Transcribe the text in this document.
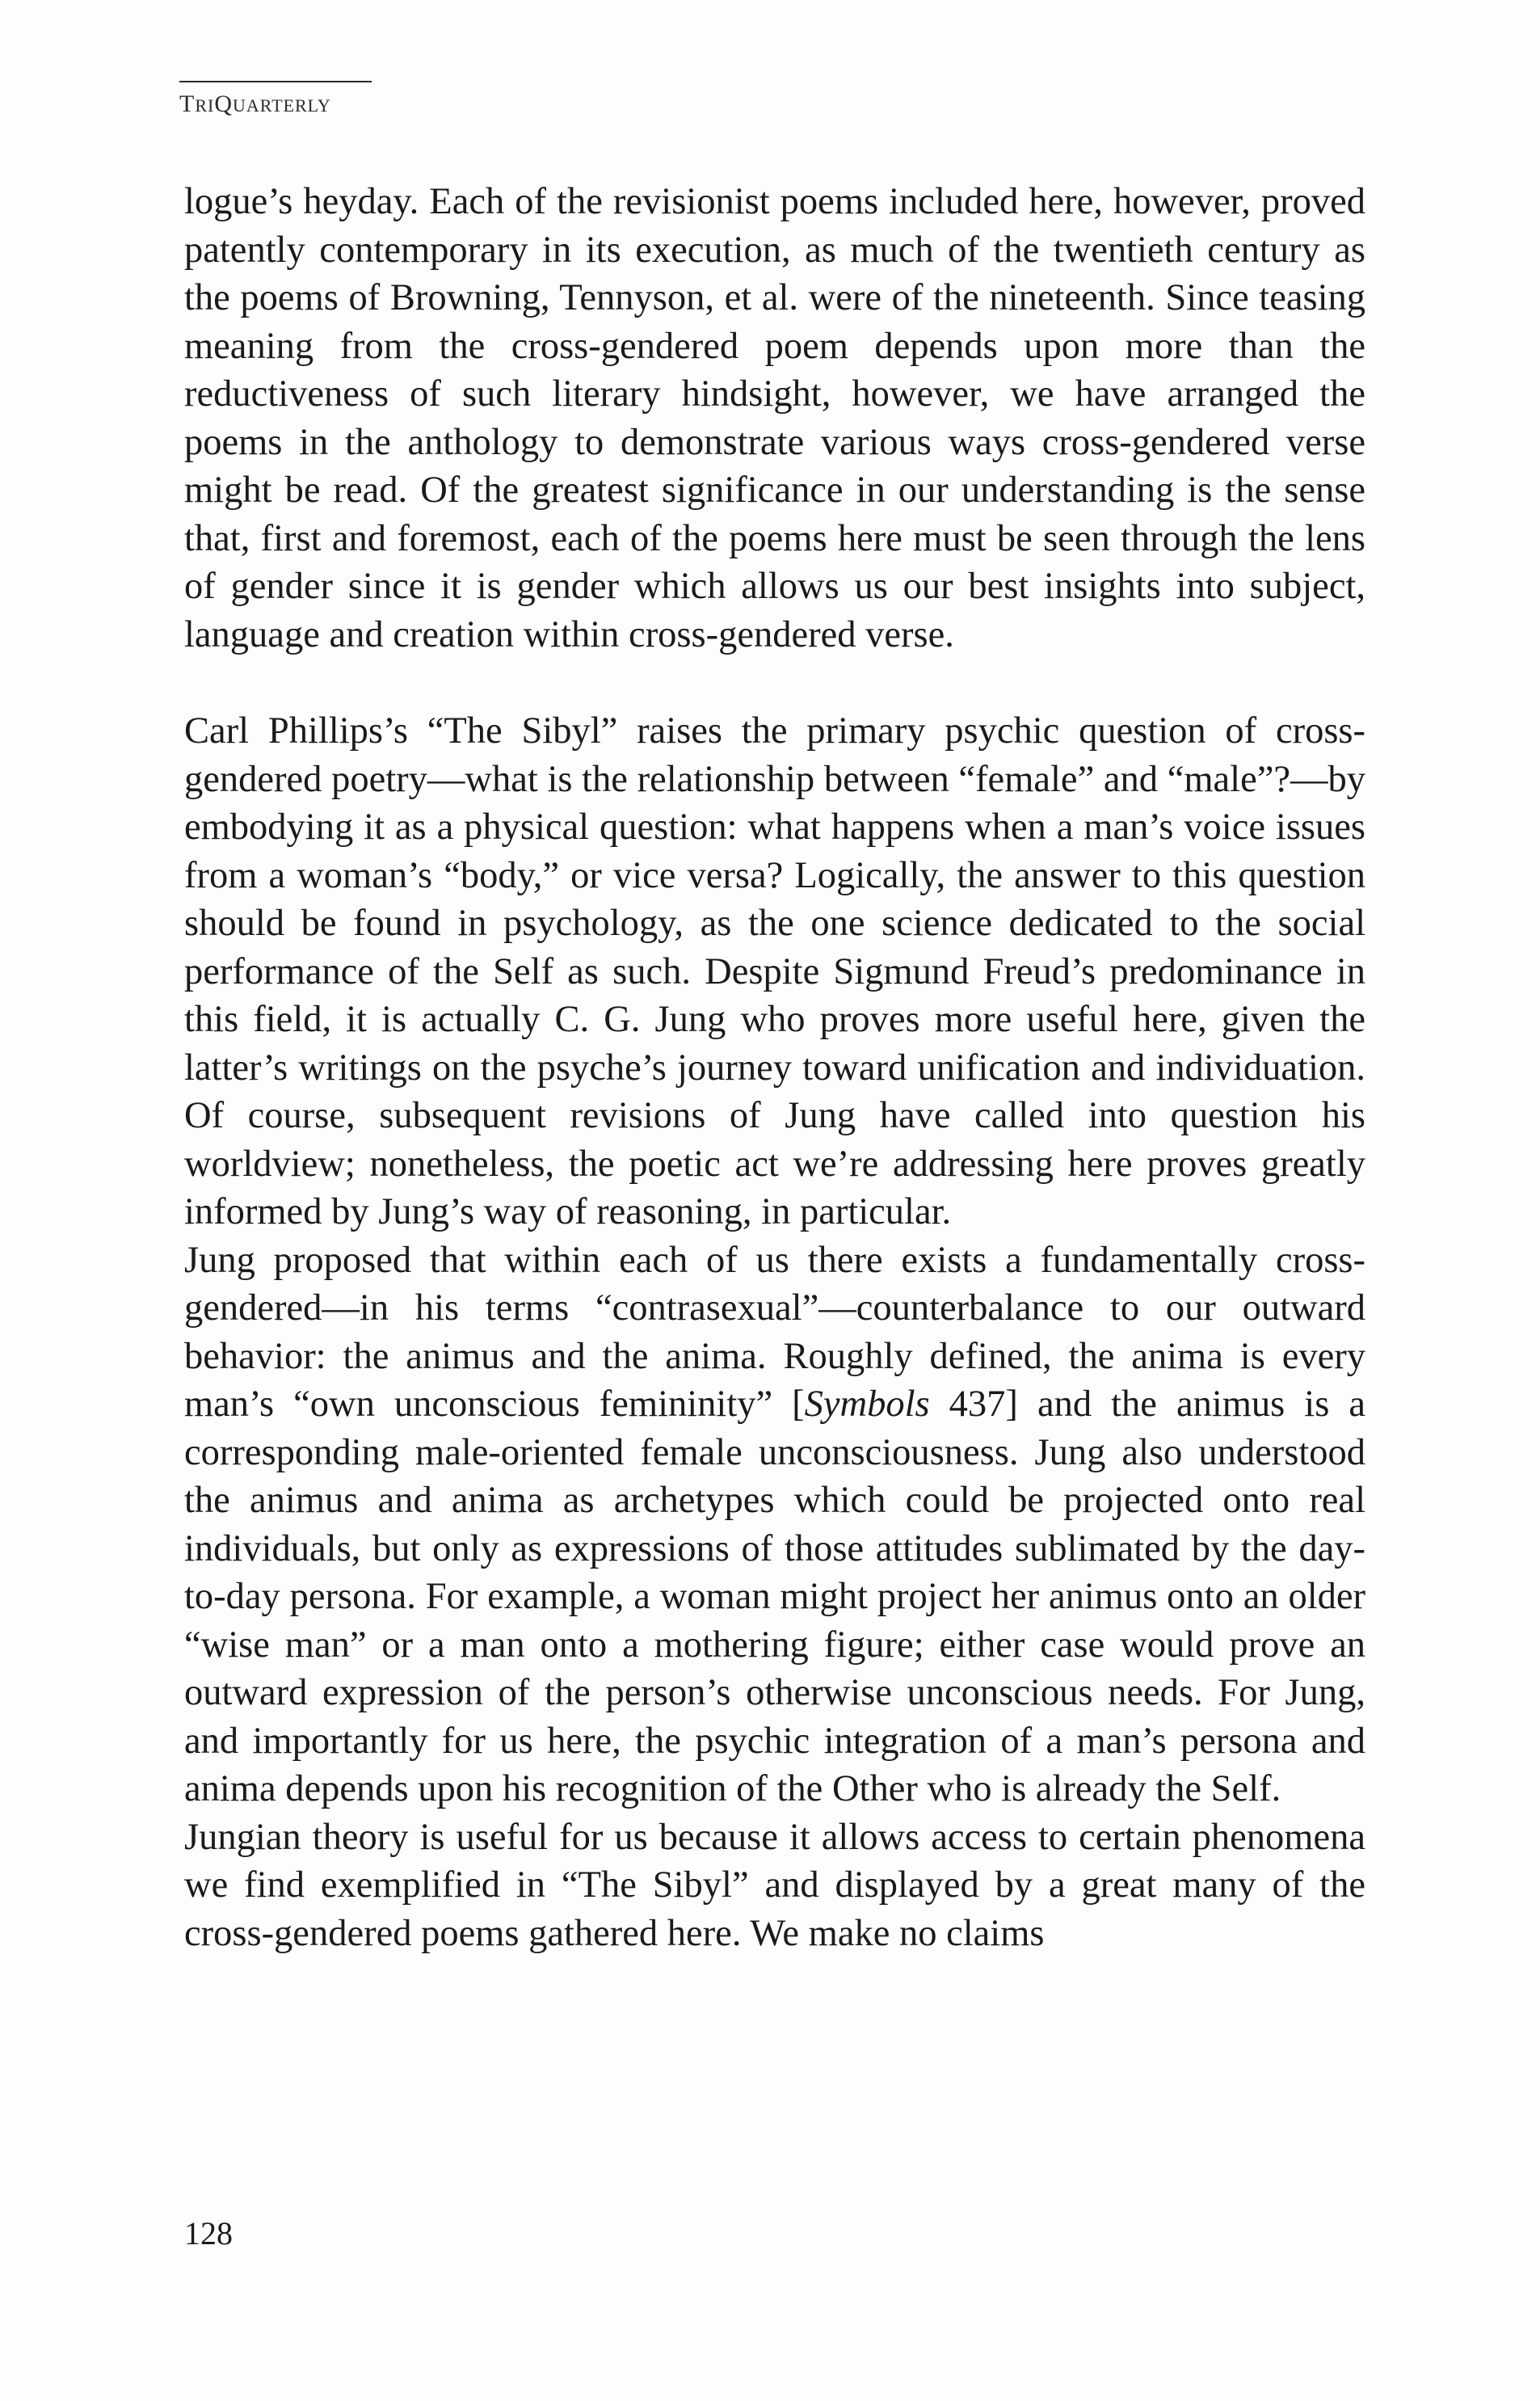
TRIQUARTERLY

logue’s heyday. Each of the revisionist poems included here, however, proved patently contemporary in its execution, as much of the twentieth century as the poems of Browning, Tennyson, et al. were of the nineteenth. Since teasing meaning from the cross-gendered poem depends upon more than the reductiveness of such literary hindsight, however, we have arranged the poems in the anthology to demonstrate various ways cross-gendered verse might be read. Of the greatest significance in our understanding is the sense that, first and foremost, each of the poems here must be seen through the lens of gender since it is gender which allows us our best insights into subject, language and creation within cross-gendered verse.

Carl Phillips’s “The Sibyl” raises the primary psychic question of cross-gendered poetry—what is the relationship between “female” and “male”?—by embodying it as a physical question: what happens when a man’s voice issues from a woman’s “body,” or vice versa? Logically, the answer to this question should be found in psychology, as the one science dedicated to the social performance of the Self as such. Despite Sigmund Freud’s predominance in this field, it is actually C. G. Jung who proves more useful here, given the latter’s writings on the psyche’s journey toward unification and individuation. Of course, subsequent revisions of Jung have called into question his worldview; nonetheless, the poetic act we’re addressing here proves greatly informed by Jung’s way of reasoning, in particular.

Jung proposed that within each of us there exists a fundamentally cross-gendered—in his terms “contrasexual”—counterbalance to our outward behavior: the animus and the anima. Roughly defined, the anima is every man’s “own unconscious femininity” [Symbols 437] and the animus is a corresponding male-oriented female unconsciousness. Jung also understood the animus and anima as archetypes which could be projected onto real individuals, but only as expressions of those attitudes sublimated by the day-to-day persona. For example, a woman might project her animus onto an older “wise man” or a man onto a mothering figure; either case would prove an outward expression of the person’s otherwise unconscious needs. For Jung, and importantly for us here, the psychic integration of a man’s persona and anima depends upon his recognition of the Other who is already the Self.

Jungian theory is useful for us because it allows access to certain phenomena we find exemplified in “The Sibyl” and displayed by a great many of the cross-gendered poems gathered here. We make no claims

128
